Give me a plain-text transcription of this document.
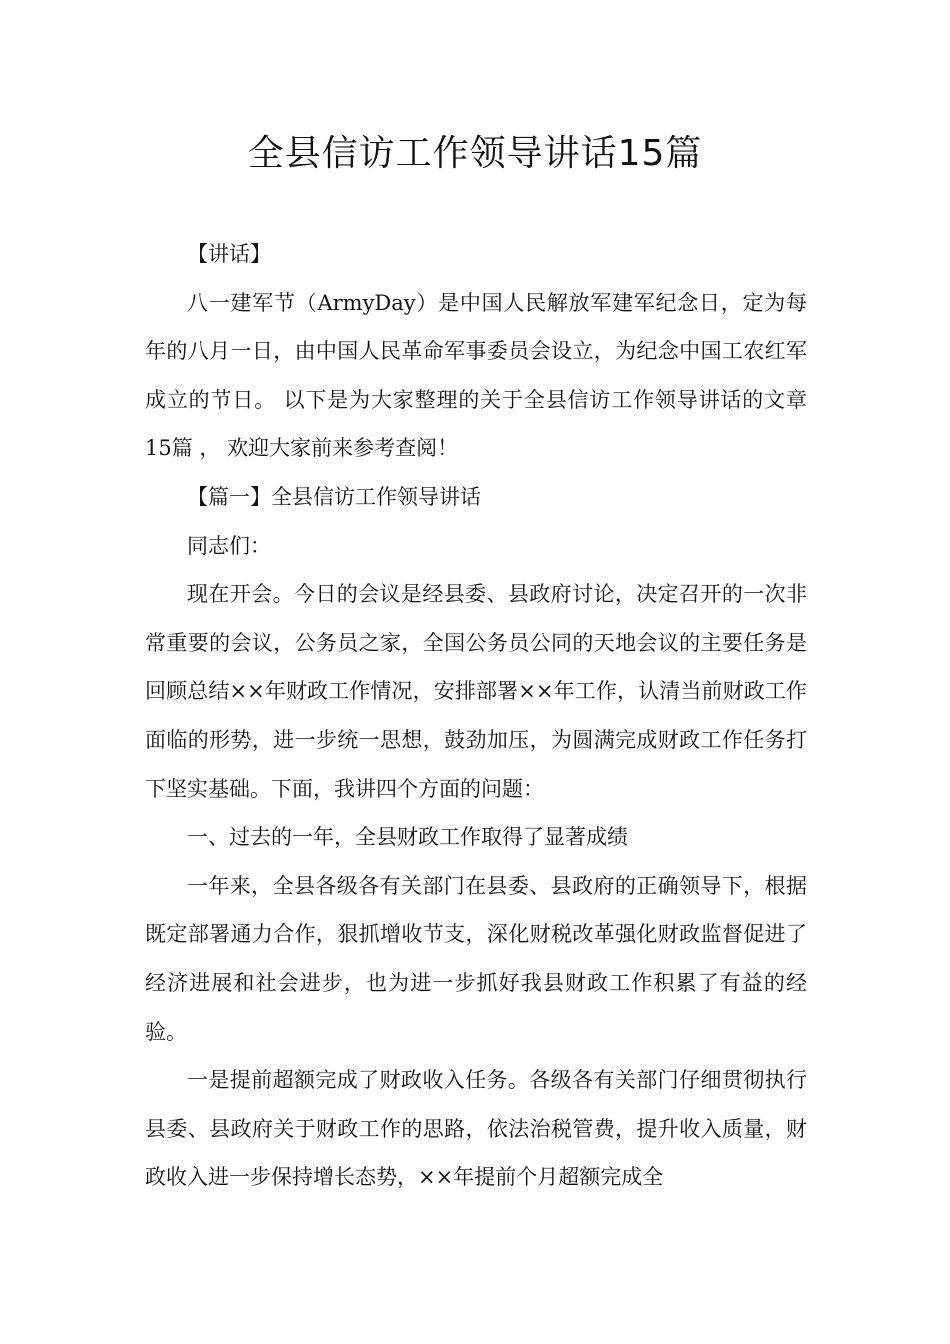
全县信访工作领导讲话15篇

【讲话】

八一建军节（ArmyDay）是中国人民解放军建军纪念日，定为每年的八月一日，由中国人民革命军事委员会设立，为纪念中国工农红军成立的节日。 以下是为大家整理的关于全县信访工作领导讲话的文章15篇 ， 欢迎大家前来参考查阅！

【篇一】全县信访工作领导讲话

同志们：

现在开会。今日的会议是经县委、县政府讨论，决定召开的一次非常重要的会议，公务员之家，全国公务员公同的天地会议的主要任务是回顾总结××年财政工作情况，安排部署××年工作，认清当前财政工作面临的形势，进一步统一思想，鼓劲加压，为圆满完成财政工作任务打下坚实基础。下面，我讲四个方面的问题：

一、过去的一年，全县财政工作取得了显著成绩

一年来，全县各级各有关部门在县委、县政府的正确领导下，根据既定部署通力合作，狠抓增收节支，深化财税改革强化财政监督促进了经济进展和社会进步，也为进一步抓好我县财政工作积累了有益的经验。

一是提前超额完成了财政收入任务。各级各有关部门仔细贯彻执行县委、县政府关于财政工作的思路，依法治税管费，提升收入质量，财政收入进一步保持增长态势，××年提前个月超额完成全
